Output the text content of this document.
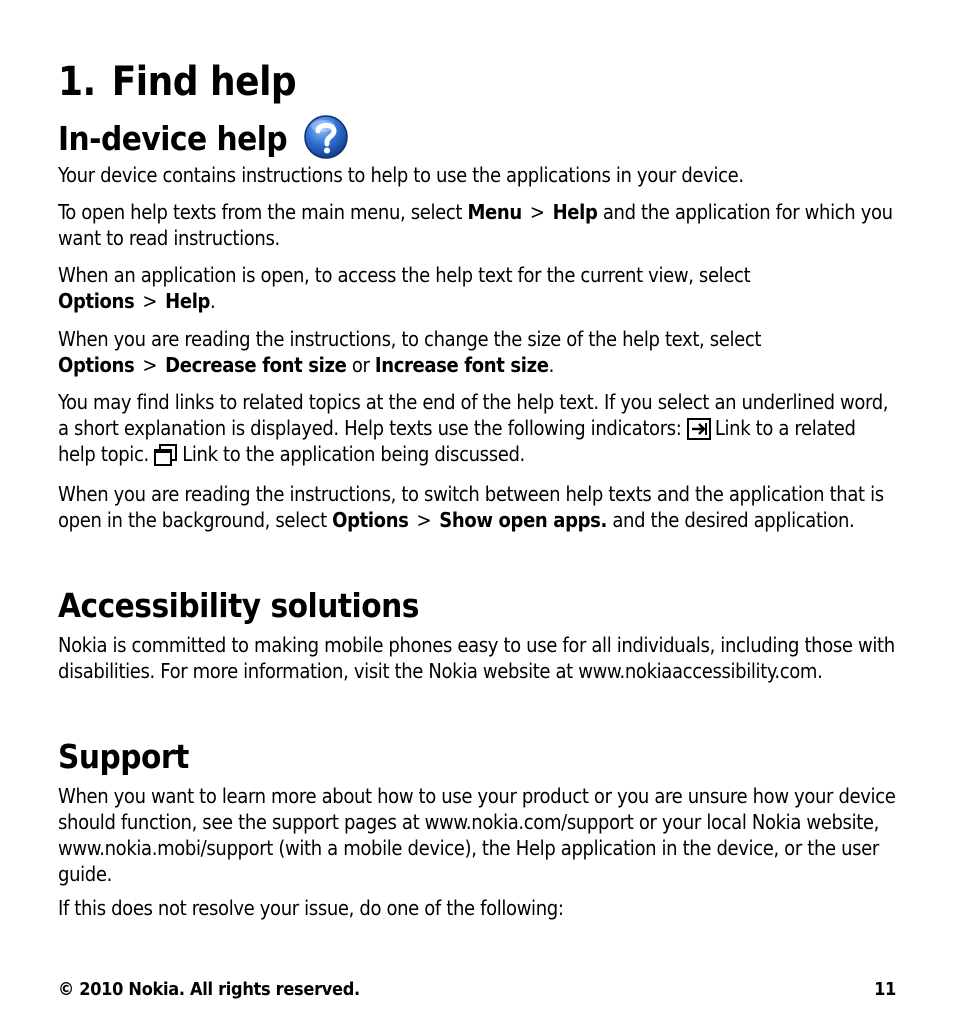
1. Find help
In-device help

Your device contains instructions to help to use the applications in your device.

To open help texts from the main menu, select Menu > Help and the application for which you want to read instructions.

When an application is open, to access the help text for the current view, select Options > Help.

When you are reading the instructions, to change the size of the help text, select Options > Decrease font size or Increase font size.

You may find links to related topics at the end of the help text. If you select an underlined word, a short explanation is displayed. Help texts use the following indicators: Link to a related help topic. Link to the application being discussed.

When you are reading the instructions, to switch between help texts and the application that is open in the background, select Options > Show open apps. and the desired application.

Accessibility solutions

Nokia is committed to making mobile phones easy to use for all individuals, including those with disabilities. For more information, visit the Nokia website at www.nokiaaccessibility.com.

Support

When you want to learn more about how to use your product or you are unsure how your device should function, see the support pages at www.nokia.com/support or your local Nokia website, www.nokia.mobi/support (with a mobile device), the Help application in the device, or the user guide.

If this does not resolve your issue, do one of the following:

© 2010 Nokia. All rights reserved.	11
